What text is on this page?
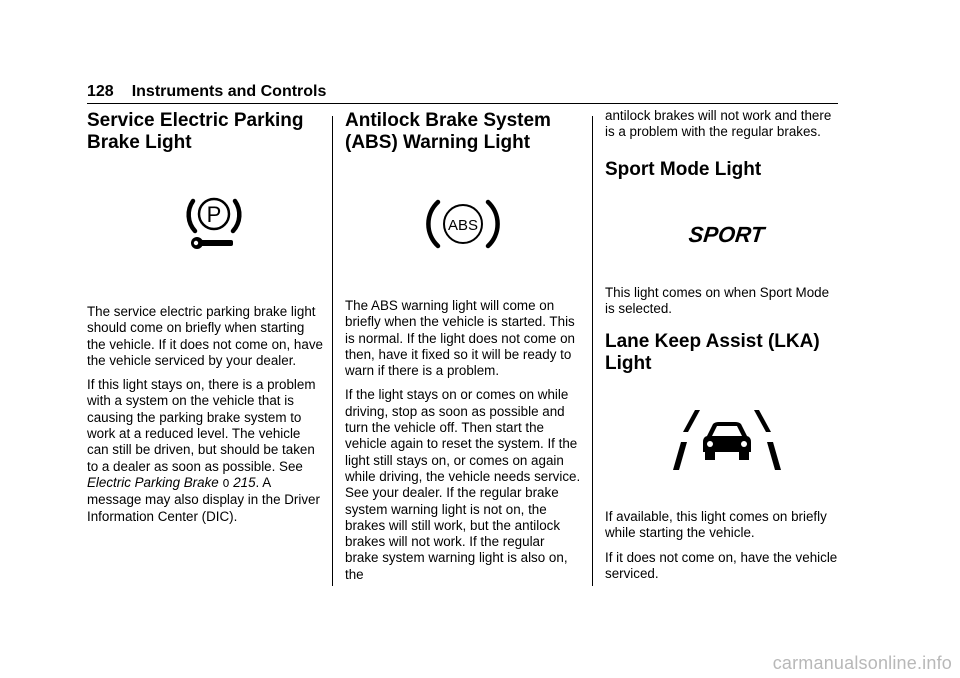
128 Instruments and Controls
Service Electric Parking Brake Light
P

The service electric parking brake light should come on briefly when starting the vehicle. If it does not come on, have the vehicle serviced by your dealer.

If this light stays on, there is a problem with a system on the vehicle that is causing the parking brake system to work at a reduced level. The vehicle can still be driven, but should be taken to a dealer as soon as possible. See Electric Parking Brake 0 215. A message may also display in the Driver Information Center (DIC).

Antilock Brake System (ABS) Warning Light
ABS

The ABS warning light will come on briefly when the vehicle is started. This is normal. If the light does not come on then, have it fixed so it will be ready to warn if there is a problem.

If the light stays on or comes on while driving, stop as soon as possible and turn the vehicle off. Then start the vehicle again to reset the system. If the light still stays on, or comes on again while driving, the vehicle needs service. See your dealer. If the regular brake system warning light is not on, the brakes will still work, but the antilock brakes will not work. If the regular brake system warning light is also on, the

antilock brakes will not work and there is a problem with the regular brakes.

Sport Mode Light
SPORT

This light comes on when Sport Mode is selected.

Lane Keep Assist (LKA) Light

If available, this light comes on briefly while starting the vehicle.

If it does not come on, have the vehicle serviced.

carmanualsonline.info
